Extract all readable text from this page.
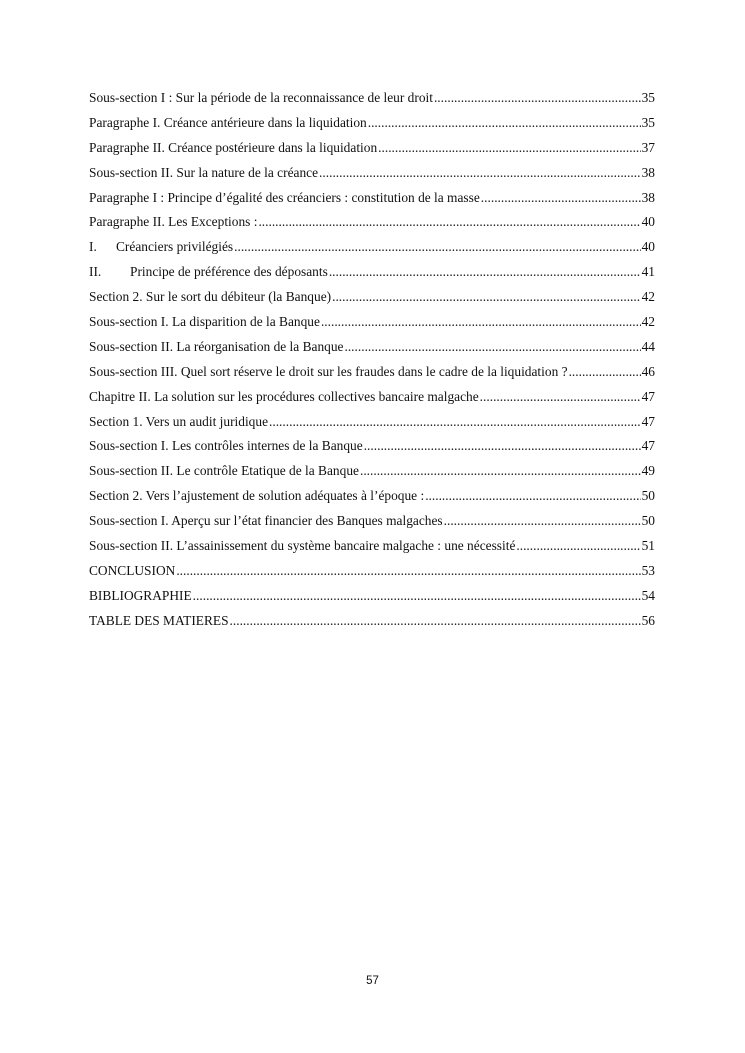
Sous-section I : Sur la période de la reconnaissance de leur droit .....	35
Paragraphe I. Créance antérieure dans la liquidation .....	35
Paragraphe II. Créance postérieure dans la liquidation .....	37
Sous-section II. Sur la nature de la créance .....	38
Paragraphe I : Principe d’égalité des créanciers : constitution de la masse .....	38
Paragraphe II. Les Exceptions : .....	40
I. Créanciers privilégiés .....	40
II. Principe de préférence des déposants .....	41
Section 2. Sur le sort du débiteur (la Banque) .....	42
Sous-section I. La disparition de la Banque .....	42
Sous-section II. La réorganisation de la Banque .....	44
Sous-section III. Quel sort réserve le droit sur les fraudes dans le cadre de la liquidation ? .....	46
Chapitre II. La solution sur les procédures collectives bancaire malgache .....	47
Section 1. Vers un audit juridique .....	47
Sous-section I. Les contrôles internes de la Banque .....	47
Sous-section II. Le contrôle Etatique de la Banque .....	49
Section 2. Vers l’ajustement de solution adéquates à l’époque : .....	50
Sous-section I. Aperçu sur l’état financier des Banques malgaches .....	50
Sous-section II. L’assainissement du système bancaire malgache : une nécessité .....	51
CONCLUSION .....	53
BIBLIOGRAPHIE .....	54
TABLE DES MATIERES .....	56
57
